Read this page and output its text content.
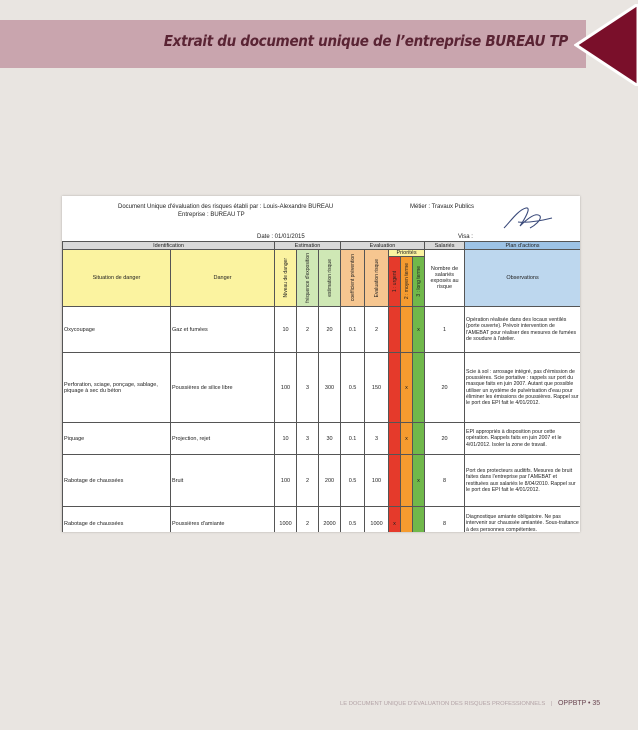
Extrait du document unique de l’entreprise BUREAU TP
Document Unique d'évaluation des risques établi par : Louis-Alexandre BUREAU
Entreprise : BUREAU TP
Métier : Travaux Publics
Date : 01/01/2015	Visa :
Identification		Estimation			Evaluation					Salariés	Plan d'actions
Situation de danger	Danger	Niveau de danger	fréquence d'exposition	estimation risque	coefficient prévention	Evaluation risque	Priorités			Nombre de salariés exposés au risque	Observations

							1 : urgent	2 : moyen terme	3 : long terme		

Oxycoupage	Gaz et fumées	10	2	20	0.1	2			x	1	Opération réalisée dans des locaux ventilés (porte ouverte). Prévoir intervention de l'AMEBAT pour réaliser des mesures de fumées de soudure à l'atelier.
Perforation, sciage, ponçage, sablage, piquage à sec du béton	Poussières de silice libre	100	3	300	0.5	150		x		20	Scie à sol : arrosage intégré, pas d'émission de poussières. Scie portative : rappels sur port du masque faits en juin 2007. Autant que possible utiliser un système de pulvérisation d'eau pour éliminer les émissions de poussières. Rappel sur le port des EPI fait le 4/01/2012.
Piquage	Projection, rejet	10	3	30	0.1	3		x		20	EPI appropriés à disposition pour cette opération. Rappels faits en juin 2007 et le 4/01/2012. Isoler la zone de travail.
Rabotage de chaussées	Bruit	100	2	200	0.5	100			x	8	Port des protecteurs auditifs. Mesures de bruit faites dans l'entreprise par l'AMEBAT et restituées aux salariés le 8/04/2010. Rappel sur le port des EPI fait le 4/01/2012.
Rabotage de chaussées	Poussières d'amiante	1000	2	2000	0.5	1000	x			8	Diagnostique amiante obligatoire. Ne pas intervenir sur chaussée amiantée. Sous-traitance à des personnes compétentes.
LE DOCUMENT UNIQUE D’ÉVALUATION DES RISQUES PROFESSIONNELS | OPPBTP • 35
